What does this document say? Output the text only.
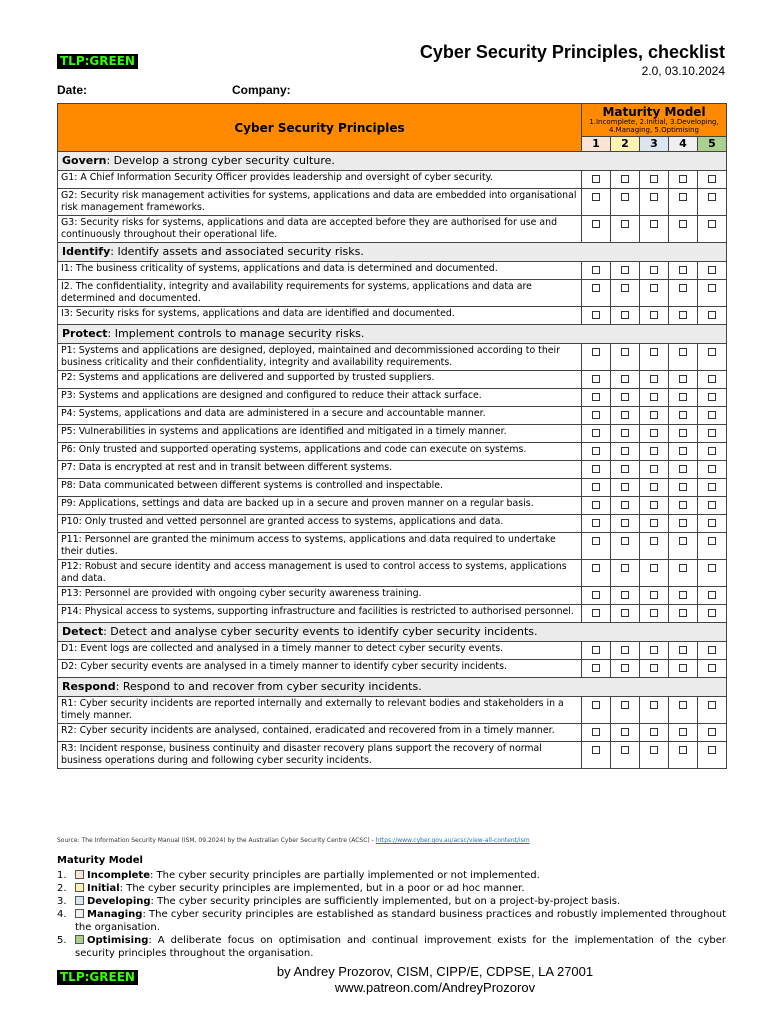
TLP:GREEN	Cyber Security Principles, checklist
2.0, 03.10.2024
Date:	Company:
Cyber Security Principles	Maturity Model
1.Incomplete, 2.Initial, 3.Developing, 4.Managing, 5.Optimising				

	1	2	3	4	5
Govern: Develop a strong cyber security culture.					
G1: A Chief Information Security Officer provides leadership and oversight of cyber security.					
G2: Security risk management activities for systems, applications and data are embedded into organisational risk management frameworks.					
G3: Security risks for systems, applications and data are accepted before they are authorised for use and continuously throughout their operational life.					
Identify: Identify assets and associated security risks.					
I1: The business criticality of systems, applications and data is determined and documented.					
I2. The confidentiality, integrity and availability requirements for systems, applications and data are determined and documented.					
I3: Security risks for systems, applications and data are identified and documented.					
Protect: Implement controls to manage security risks.					
P1: Systems and applications are designed, deployed, maintained and decommissioned according to their business criticality and their confidentiality, integrity and availability requirements.					
P2: Systems and applications are delivered and supported by trusted suppliers.					
P3: Systems and applications are designed and configured to reduce their attack surface.					
P4: Systems, applications and data are administered in a secure and accountable manner.					
P5: Vulnerabilities in systems and applications are identified and mitigated in a timely manner.					
P6: Only trusted and supported operating systems, applications and code can execute on systems.					
P7: Data is encrypted at rest and in transit between different systems.					
P8: Data communicated between different systems is controlled and inspectable.					
P9: Applications, settings and data are backed up in a secure and proven manner on a regular basis.					
P10: Only trusted and vetted personnel are granted access to systems, applications and data.					
P11: Personnel are granted the minimum access to systems, applications and data required to undertake their duties.					
P12: Robust and secure identity and access management is used to control access to systems, applications and data.					
P13: Personnel are provided with ongoing cyber security awareness training.					
P14: Physical access to systems, supporting infrastructure and facilities is restricted to authorised personnel.					
Detect: Detect and analyse cyber security events to identify cyber security incidents.					
D1: Event logs are collected and analysed in a timely manner to detect cyber security events.					
D2: Cyber security events are analysed in a timely manner to identify cyber security incidents.					
Respond: Respond to and recover from cyber security incidents.					
R1: Cyber security incidents are reported internally and externally to relevant bodies and stakeholders in a timely manner.					
R2: Cyber security incidents are analysed, contained, eradicated and recovered from in a timely manner.					
R3: Incident response, business continuity and disaster recovery plans support the recovery of normal business operations during and following cyber security incidents.					
Source: The Information Security Manual (ISM, 09.2024) by the Australian Cyber Security Centre (ACSC) - https://www.cyber.gov.au/acsc/view-all-content/ism
Maturity Model
1. Incomplete: The cyber security principles are partially implemented or not implemented.
2. Initial: The cyber security principles are implemented, but in a poor or ad hoc manner.
3. Developing: The cyber security principles are sufficiently implemented, but on a project-by-project basis.
4. Managing: The cyber security principles are established as standard business practices and robustly implemented throughout the organisation.
5. Optimising: A deliberate focus on optimisation and continual improvement exists for the implementation of the cyber security principles throughout the organisation.
TLP:GREEN	by Andrey Prozorov, CISM, CIPP/E, CDPSE, LA 27001
www.patreon.com/AndreyProzorov
